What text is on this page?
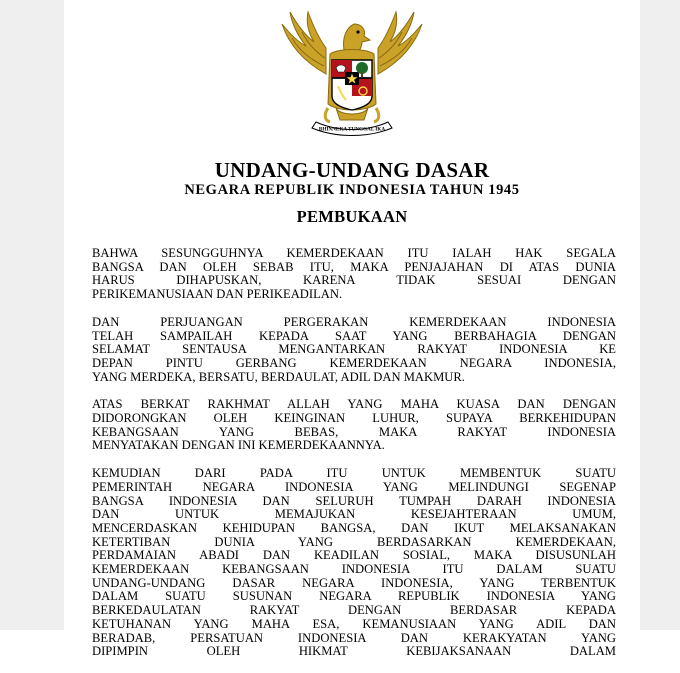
BHINNEKA TUNGGAL IKA
UNDANG-UNDANG DASAR
NEGARA REPUBLIK INDONESIA TAHUN 1945
PEMBUKAAN

BAHWA SESUNGGUHNYA KEMERDEKAAN ITU IALAH HAK SEGALA
BANGSA DAN OLEH SEBAB ITU, MAKA PENJAJAHAN DI ATAS DUNIA
HARUS DIHAPUSKAN, KARENA TIDAK SESUAI DENGAN
PERIKEMANUSIAAN DAN PERIKEADILAN.

DAN PERJUANGAN PERGERAKAN KEMERDEKAAN INDONESIA
TELAH SAMPAILAH KEPADA SAAT YANG BERBAHAGIA DENGAN
SELAMAT SENTAUSA MENGANTARKAN RAKYAT INDONESIA KE
DEPAN PINTU GERBANG KEMERDEKAAN NEGARA INDONESIA,
YANG MERDEKA, BERSATU, BERDAULAT, ADIL DAN MAKMUR.

ATAS BERKAT RAKHMAT ALLAH YANG MAHA KUASA DAN DENGAN
DIDORONGKAN OLEH KEINGINAN LUHUR, SUPAYA BERKEHIDUPAN
KEBANGSAAN YANG BEBAS, MAKA RAKYAT INDONESIA
MENYATAKAN DENGAN INI KEMERDEKAANNYA.

KEMUDIAN DARI PADA ITU UNTUK MEMBENTUK SUATU
PEMERINTAH NEGARA INDONESIA YANG MELINDUNGI SEGENAP
BANGSA INDONESIA DAN SELURUH TUMPAH DARAH INDONESIA
DAN UNTUK MEMAJUKAN KESEJAHTERAAN UMUM,
MENCERDASKAN KEHIDUPAN BANGSA, DAN IKUT MELAKSANAKAN
KETERTIBAN DUNIA YANG BERDASARKAN KEMERDEKAAN,
PERDAMAIAN ABADI DAN KEADILAN SOSIAL, MAKA DISUSUNLAH
KEMERDEKAAN KEBANGSAAN INDONESIA ITU DALAM SUATU
UNDANG-UNDANG DASAR NEGARA INDONESIA, YANG TERBENTUK
DALAM SUATU SUSUNAN NEGARA REPUBLIK INDONESIA YANG
BERKEDAULATAN RAKYAT DENGAN BERDASAR KEPADA
KETUHANAN YANG MAHA ESA, KEMANUSIAAN YANG ADIL DAN
BERADAB, PERSATUAN INDONESIA DAN KERAKYATAN YANG
DIPIMPIN OLEH HIKMAT KEBIJAKSANAAN DALAM
